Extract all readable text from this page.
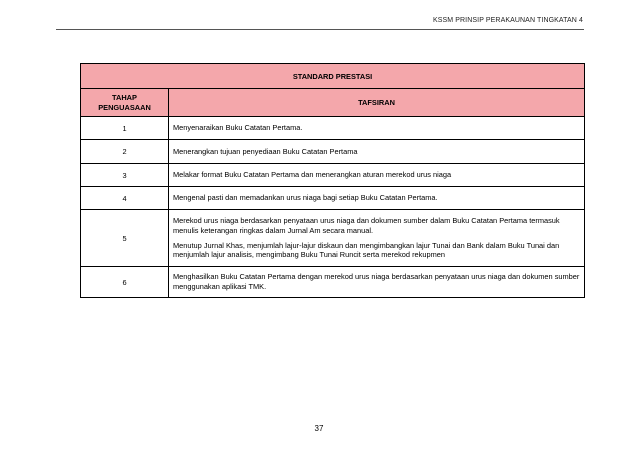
KSSM PRINSIP PERAKAUNAN TINGKATAN 4
STANDARD PRESTASI	
TAHAP
PENGUASAAN	TAFSIRAN
1	Menyenaraikan Buku Catatan Pertama.

2	Menerangkan tujuan penyediaan Buku Catatan Pertama

3	Melakar format Buku Catatan Pertama dan menerangkan aturan merekod urus niaga

4	Mengenal pasti dan memadankan urus niaga bagi setiap Buku Catatan Pertama.

5	Merekod urus niaga berdasarkan penyataan urus niaga dan dokumen sumber dalam Buku Catatan Pertama termasuk menulis keterangan ringkas dalam Jurnal Am secara manual.

Menutup Jurnal Khas, menjumlah lajur-lajur diskaun dan mengimbangkan lajur Tunai dan Bank dalam Buku Tunai dan menjumlah lajur analisis, mengimbang Buku Tunai Runcit serta merekod rekupmen

6	Menghasilkan Buku Catatan Pertama dengan merekod urus niaga berdasarkan penyataan urus niaga dan dokumen sumber menggunakan aplikasi TMK.

37
